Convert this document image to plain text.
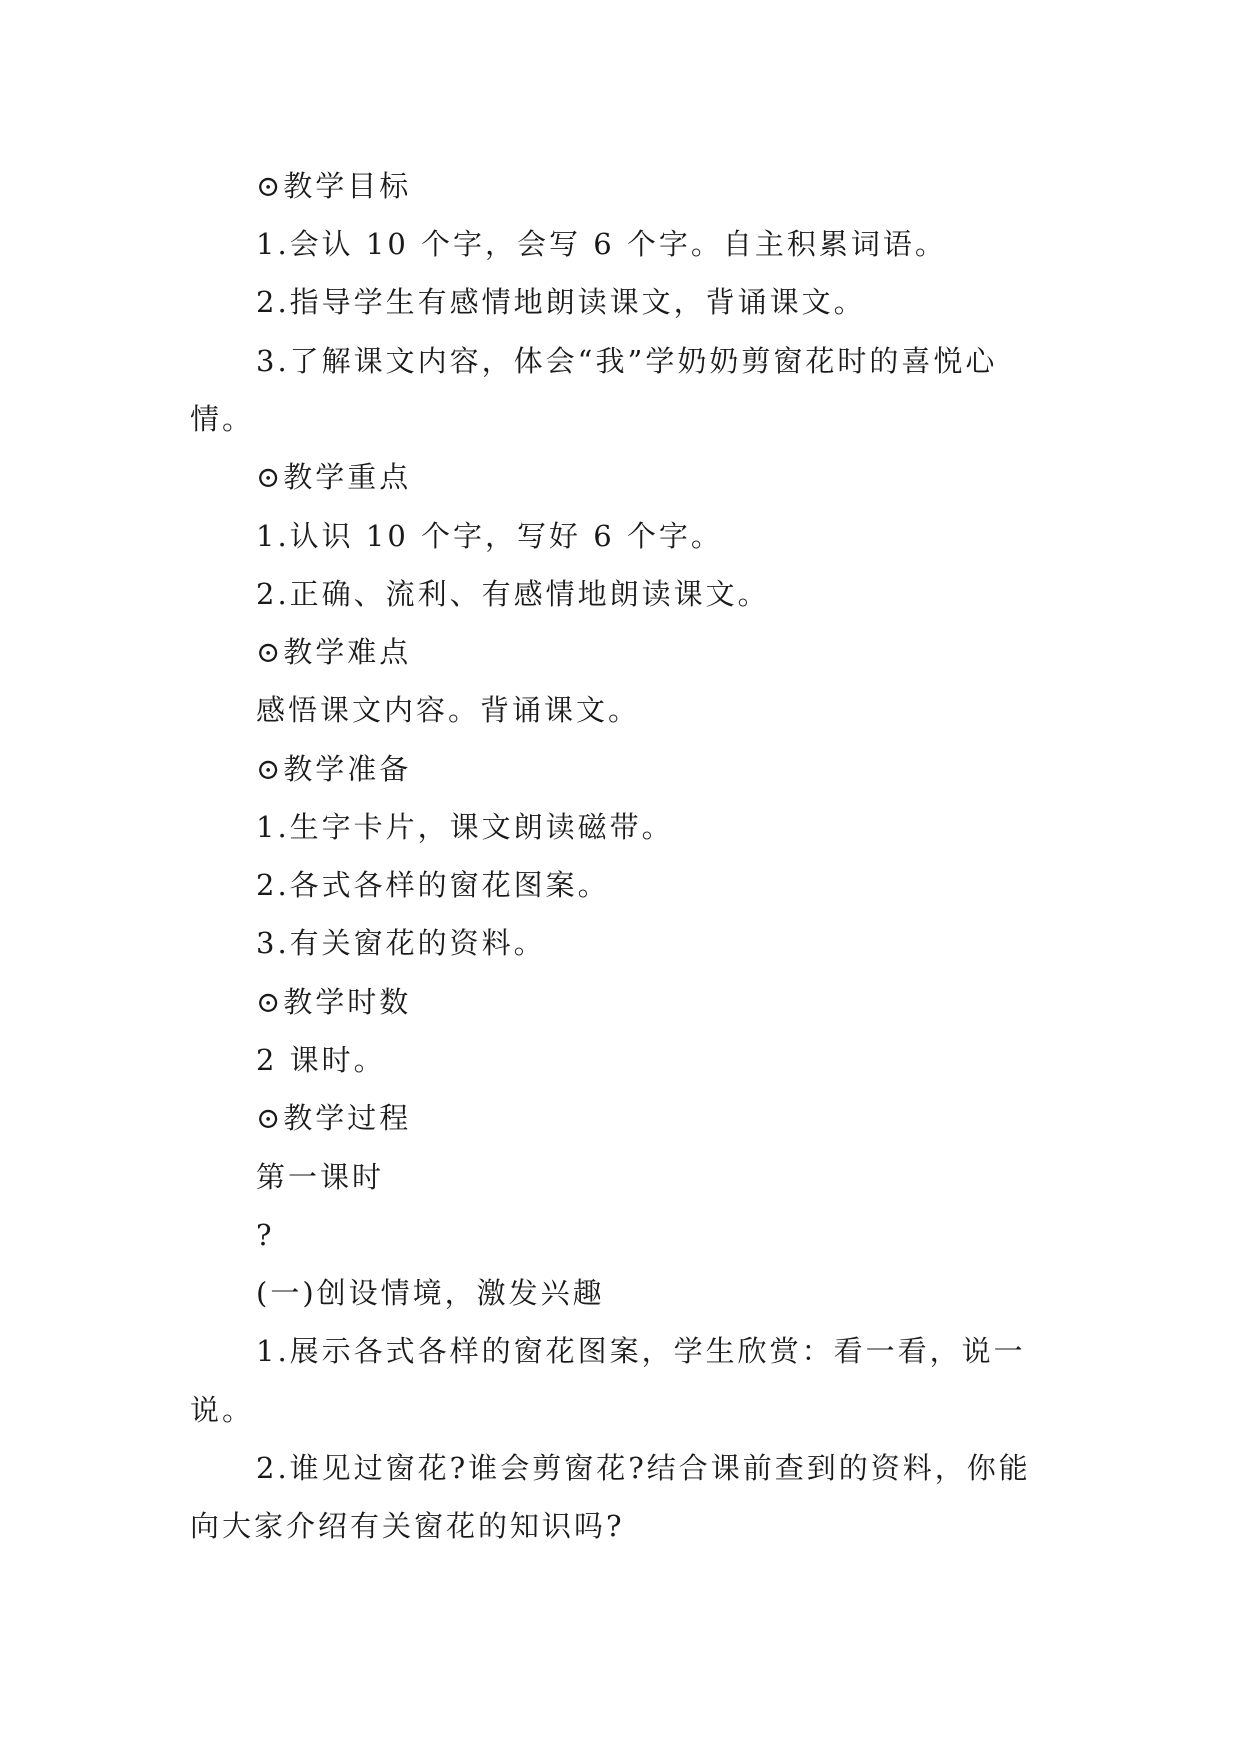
⊙教学目标
1.会认 10 个字，会写 6 个字。自主积累词语。
2.指导学生有感情地朗读课文，背诵课文。
3.了解课文内容，体会“我”学奶奶剪窗花时的喜悦心
情。
⊙教学重点
1.认识 10 个字，写好 6 个字。
2.正确、流利、有感情地朗读课文。
⊙教学难点
感悟课文内容。背诵课文。
⊙教学准备
1.生字卡片，课文朗读磁带。
2.各式各样的窗花图案。
3.有关窗花的资料。
⊙教学时数
2 课时。
⊙教学过程
第一课时
?
(一)创设情境，激发兴趣
1.展示各式各样的窗花图案，学生欣赏：看一看，说一
说。
2.谁见过窗花?谁会剪窗花?结合课前查到的资料，你能
向大家介绍有关窗花的知识吗?
